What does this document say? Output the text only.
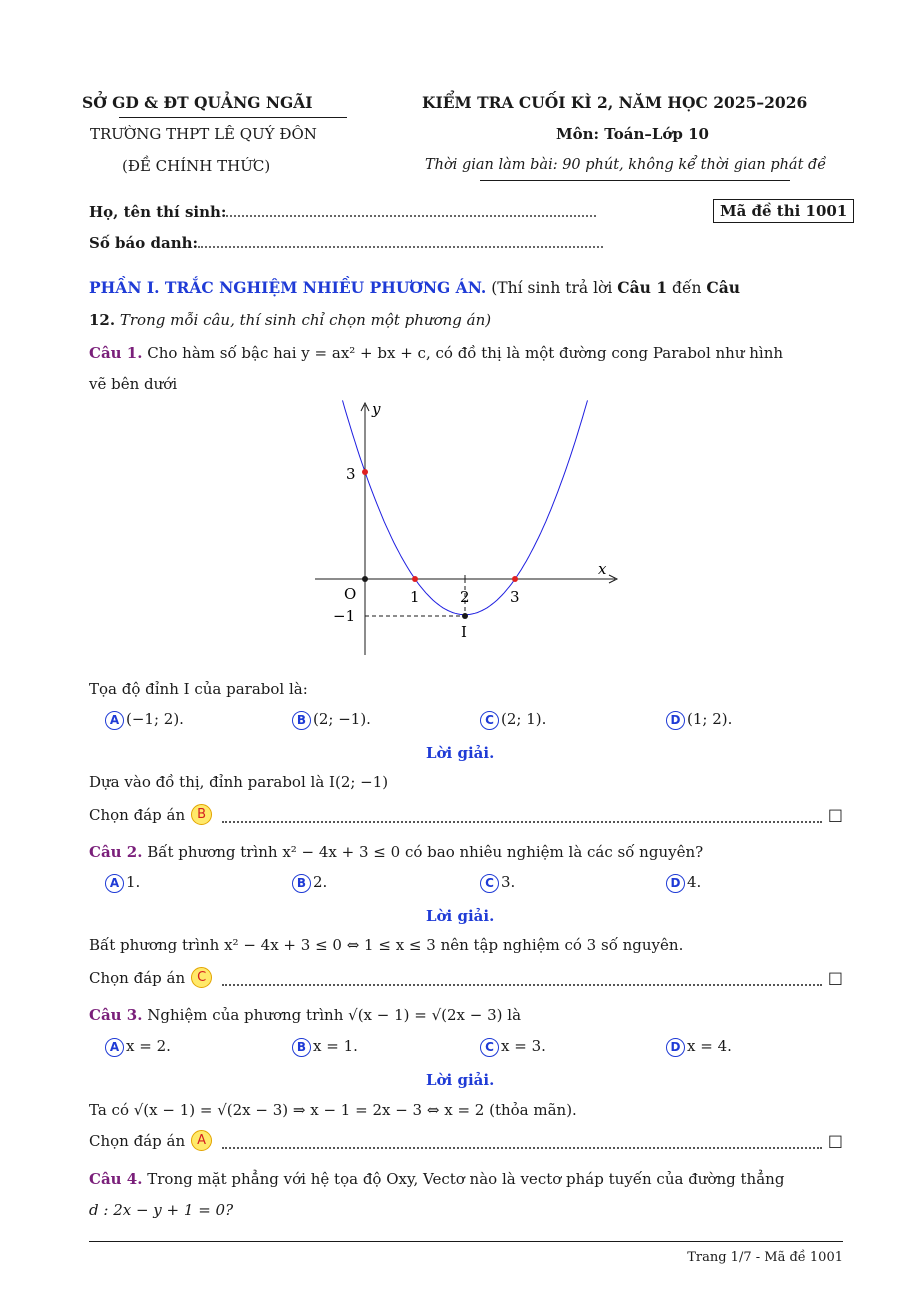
SỞ GD & ĐT QUẢNG NGÃI
TRƯỜNG THPT LÊ QUÝ ĐÔN
(ĐỀ CHÍNH THỨC)
KIỂM TRA CUỐI KÌ 2, NĂM HỌC 2025–2026
Môn: Toán–Lớp 10
Thời gian làm bài: 90 phút, không kể thời gian phát đề
Họ, tên thí sinh:	Mã đề thi 1001
Số báo danh:
PHẦN I. TRẮC NGHIỆM NHIỀU PHƯƠNG ÁN. (Thí sinh trả lời Câu 1 đến Câu
12. Trong mỗi câu, thí sinh chỉ chọn một phương án)
Câu 1. Cho hàm số bậc hai y = ax² + bx + c, có đồ thị là một đường cong Parabol như hình
vẽ bên dưới
y
x
O
3
−1
1	2	3
I
Tọa độ đỉnh I của parabol là:
A (−1; 2).	B (2; −1).	C (2; 1).	D (1; 2).
Lời giải.
Dựa vào đồ thị, đỉnh parabol là I(2; −1)
Chọn đáp án B	□
Câu 2. Bất phương trình x² − 4x + 3 ≤ 0 có bao nhiêu nghiệm là các số nguyên?
A 1.	B 2.	C 3.	D 4.
Lời giải.
Bất phương trình x² − 4x + 3 ≤ 0 ⇔ 1 ≤ x ≤ 3 nên tập nghiệm có 3 số nguyên.
Chọn đáp án C	□
Câu 3. Nghiệm của phương trình √(x − 1) = √(2x − 3) là
A x = 2.	B x = 1.	C x = 3.	D x = 4.
Lời giải.
Ta có √(x − 1) = √(2x − 3) ⇒ x − 1 = 2x − 3 ⇔ x = 2 (thỏa mãn).
Chọn đáp án A	□
Câu 4. Trong mặt phẳng với hệ tọa độ Oxy, Vectơ nào là vectơ pháp tuyến của đường thẳng
d : 2x − y + 1 = 0?
Trang 1/7 - Mã đề 1001
